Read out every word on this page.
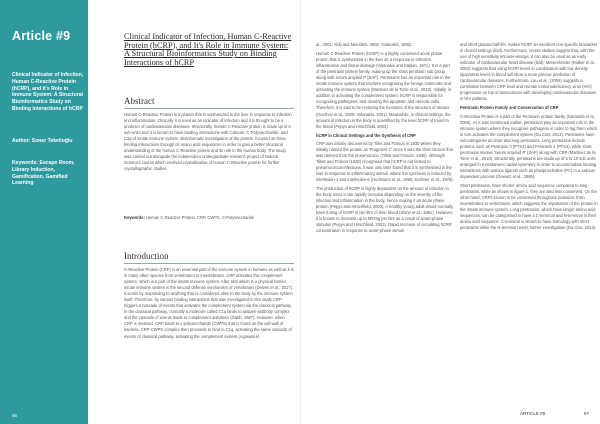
Article #9
Clinical Indicator of Infection, Human C-Reactive Protein (hCRP), and It's Role in Immune System: A Structural Bioinformatics Study on Binding Interactions of hCRP
Author: Soner Tekelioğlu
Keywords: Escape Room, Library Induction, Gamification, Gamified Learning
66
Clinical Indicator of Infection, Human C-Reactive Protein (hCRP), and It's Role in Immune System: A Structural Bioinformatics Study on Binding Interactions of hCRP
Abstract
Human C-Reactive Protein is a protein that is synthesized in the liver in response to infection and inflammation. Clinically it is used as an indicator of infection and it is thought to be a predictor of cardiovascular diseases. Structurally, human C-Reactive protein is made up of 5 sub-units and it is known to have binding interactions with Calcium, C-Polysaccharide, and C1q of innate immune system. Bioinformatic investigation of the protein, focused on three binding interactions through its amino acid sequences in order to gain a better structural understanding of the human C-Reactive protein and its role in the human body. The study was carried out alongside the independent undergraduate research project of Natural Sciences course which involved crystallization of human C-Reactive protein for further crystallographic studies.
Keywords: Human C-Reactive Protein, CRP, CWPS, C-Polysaccharide
Introduction
C-Reactive Protein (CRP) is an essential part of the immune system in humans as well as it is in many other species from vertebrates to invertebrates. CRP activates the complement system, which is a part of the innate immune system. After skin which is a physical barrier, innate immune system is the second defense mechanism of vertebrates (Delves et al., 2017). It works by responding to anything that is considered alien to the body by the immune system itself. Therefore, by various binding interactions that was investigated in this study CRP triggers a cascade of events that activates the complement system via the classical pathway. In the classical pathway, normally a molecule called C1q binds to antigen-antibody complex and the cascade of events leads to complement activation (Gabb, 1987). However, when CRP is involved, CRP binds to c-polysaccharide (CWPS) that is found on the cell wall of bacteria. CRP-CWPS complex then proceeds to bind to C1q, activating the same cascade of events of classical pathway, activating the complement system (Agrawal et

al., 2001; Ablij and Meinders, 2002; Volanakis, 1982).

Human C-Reactive Protein (hCRP) is a highly conserved acute phase protein that is synthesized in the liver as a response to infection, inflammation and tissue damage (Volanakis and Kaplan, 1971). It is a part of the pentraxin protein family, making up the short pentraxin sub group along with serum amyloid P (SAP). Pentraxins has an important role in the innate immune system that involves recognising the foreign molecules and activating the immune system (Martinez de la Torre et al., 2010). Initially, in addition to activating the complement system, hCRP is responsible for recognising pathogens, and clearing the apoptotic and necrotic cells. Therefore, it is said to be restoring the functions of the structure of tissues (Gershov et al., 2000; Volanakis, 2001). Meanwhile, in clinical settings, the amount of infection in the body is quantified by the level hCRP of found in the blood (Pepys and Hirschfield, 2003).

hCRP in Clinical Settings and the Synthesis of CRP

CRP was initially discovered by Tillet and Francis in 1930 where they initially named the protein as 'Fragment C' since it was the third fraction that was derived from the pneumococci (Tillett and Francis, 1930). Although Tillett and Francis (1930) recognised that hCRP is not limited to pneumococcal infections, it was only later found that it is synthesised in the liver in response to inflammatory stimuli, where the synthesis is induced by interleukin-1 and interleukin-6 (Hurlimann et al., 1966; Kushner et al., 1978).

The production of hCRP is highly dependent on the amount of infection in the body since it can rapidly increase depending on the severity of the infection and inflammation in the body, hence making it an acute phase protein (Pepys and Hirschfield, 2003). A healthy young adult would normally have 0.8mg of hCRP in per litre of their blood (Shine et al., 1981). However, it is known to increase up to 500mg per litre as a result of acute-phase stimulus (Pepys and Hirschfield, 2003). Rapid increase of circulating hCRP concentration in response to acute-phase stimuli

and short plasma half-life, makes hCRP an excellent non-specific biomarker in clinical settings (ibid). Furthermore, recent studies suggest that, with the use of high sensitivity immune-assays, it can also be used as an early indicator of cardiovascular heart disease (ibid); Meisenhelder (Ridker et al., 2002) suggests that using hCRP levels in combination with low density lipoprotein levels in blood will show a more precise prediction of cardiovascular diseases. Furthermore, Lau et al., (2006) suggests a correlation between CRP level and Human immunodeficiency virus (HIV) progression on top of associations with developing cardiovascular diseases in HIV patients.

Pentraxin Protein Family and Conservation of CRP

C-Reactive Protein is a part of the Pentraxin protein family (Garlanda et al., 2005). As it was mentioned earlier, pentraxins play an important role in the immune system where they recognise pathogens in order to tag them which in turn activates the complement system (Du Clos, 2013). Pentraxins have sub-categories as short and long pentraxins. Long pentraxins include proteins such as Pentraxin 3 (PTX3) and Pentraxin 4 (PTX4), while short pentraxins involve 'serum amyloid P' (SAP) along with CRP (Martinez de la Torre et al., 2010). Structurally, pentraxins are made up of 5 to 10 sub units arranged in a pentameric radial symmetry in order to accommodate binding interactions with various ligands such as phosphocholine (PC) in a calcium dependent process (Gewurz et al., 1995).

Short pentraxins, have shorter amino acid sequence compared to long pentraxins, while as shown in figure 1, they are also less conserved. On the other hand, CRPs known to be conserved throughout evolution, from invertebrates to vertebrates, which suggests the importance of the protein in the innate immune system. Long pentraxins, which have longer amino acid sequences, can be categorised to have a C-terminal and N-terminal in their amino acid sequence. C-terminal is shown to have homology with short pentraxins while the N-terminal needs further investigation (Du Clos, 2013).

ARTICLE #9	67
